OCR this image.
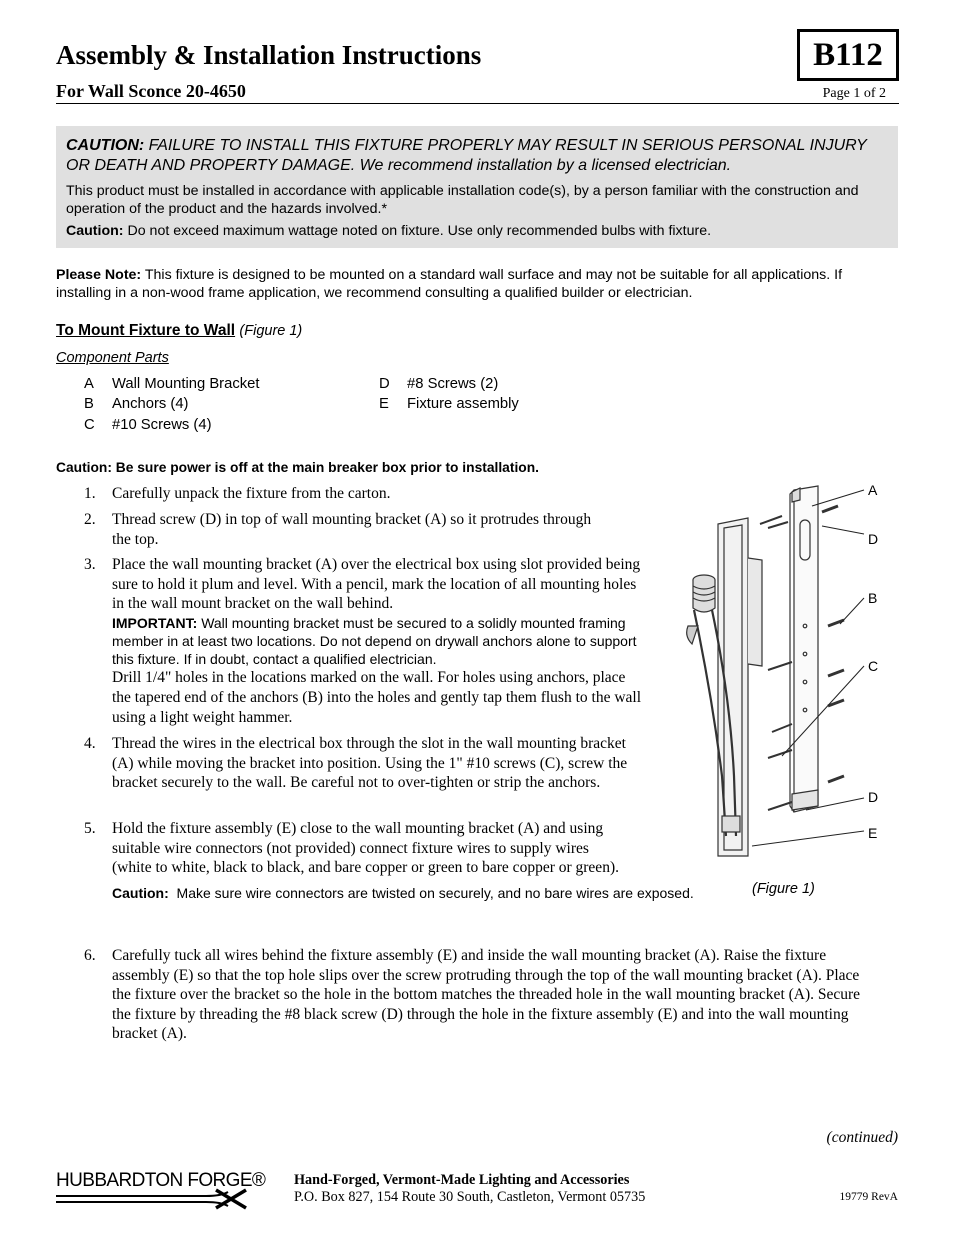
Assembly & Installation Instructions
For Wall Sconce 20-4650
B112
Page 1 of 2

CAUTION: FAILURE TO INSTALL THIS FIXTURE PROPERLY MAY RESULT IN SERIOUS PERSONAL INJURY OR DEATH AND PROPERTY DAMAGE. We recommend installation by a licensed electrician.

This product must be installed in accordance with applicable installation code(s), by a person familiar with the construction and operation of the product and the hazards involved.*

Caution: Do not exceed maximum wattage noted on fixture. Use only recommended bulbs with fixture.

Please Note: This fixture is designed to be mounted on a standard wall surface and may not be suitable for all applications. If installing in a non-wood frame application, we recommend consulting a qualified builder or electrician.
To Mount Fixture to Wall (Figure 1)
Component Parts
A Wall Mounting Bracket
B Anchors (4)
C #10 Screws (4)
D #8 Screws (2)
E Fixture assembly
Caution: Be sure power is off at the main breaker box prior to installation.
1. Carefully unpack the fixture from the carton.
2. Thread screw (D) in top of wall mounting bracket (A) so it protrudes through the top.
3. Place the wall mounting bracket (A) over the electrical box using slot provided being sure to hold it plum and level. With a pencil, mark the location of all mounting holes in the wall mount bracket on the wall behind.
IMPORTANT: Wall mounting bracket must be secured to a solidly mounted framing member in at least two locations. Do not depend on drywall anchors alone to support this fixture. If in doubt, contact a qualified electrician.
Drill 1/4" holes in the locations marked on the wall. For holes using anchors, place the tapered end of the anchors (B) into the holes and gently tap them flush to the wall using a light weight hammer.
4. Thread the wires in the electrical box through the slot in the wall mounting bracket (A) while moving the bracket into position. Using the 1" #10 screws (C), screw the bracket securely to the wall. Be careful not to over-tighten or strip the anchors.
5. Hold the fixture assembly (E) close to the wall mounting bracket (A) and using suitable wire connectors (not provided) connect fixture wires to supply wires (white to white, black to black, and bare copper or green to bare copper or green).
Caution: Make sure wire connectors are twisted on securely, and no bare wires are exposed.
6. Carefully tuck all wires behind the fixture assembly (E) and inside the wall mounting bracket (A). Raise the fixture assembly (E) so that the top hole slips over the screw protruding through the top of the wall mounting bracket (A). Place the fixture over the bracket so the hole in the bottom matches the threaded hole in the wall mounting bracket (A). Secure the fixture by threading the #8 black screw (D) through the hole in the fixture assembly (E) and into the wall mounting bracket (A).
A
D
B
C
D
E
(Figure 1)
(continued)
HUBBARDTON FORGE® Hand-Forged, Vermont-Made Lighting and Accessories
P.O. Box 827, 154 Route 30 South, Castleton, Vermont 05735	19779 RevA
